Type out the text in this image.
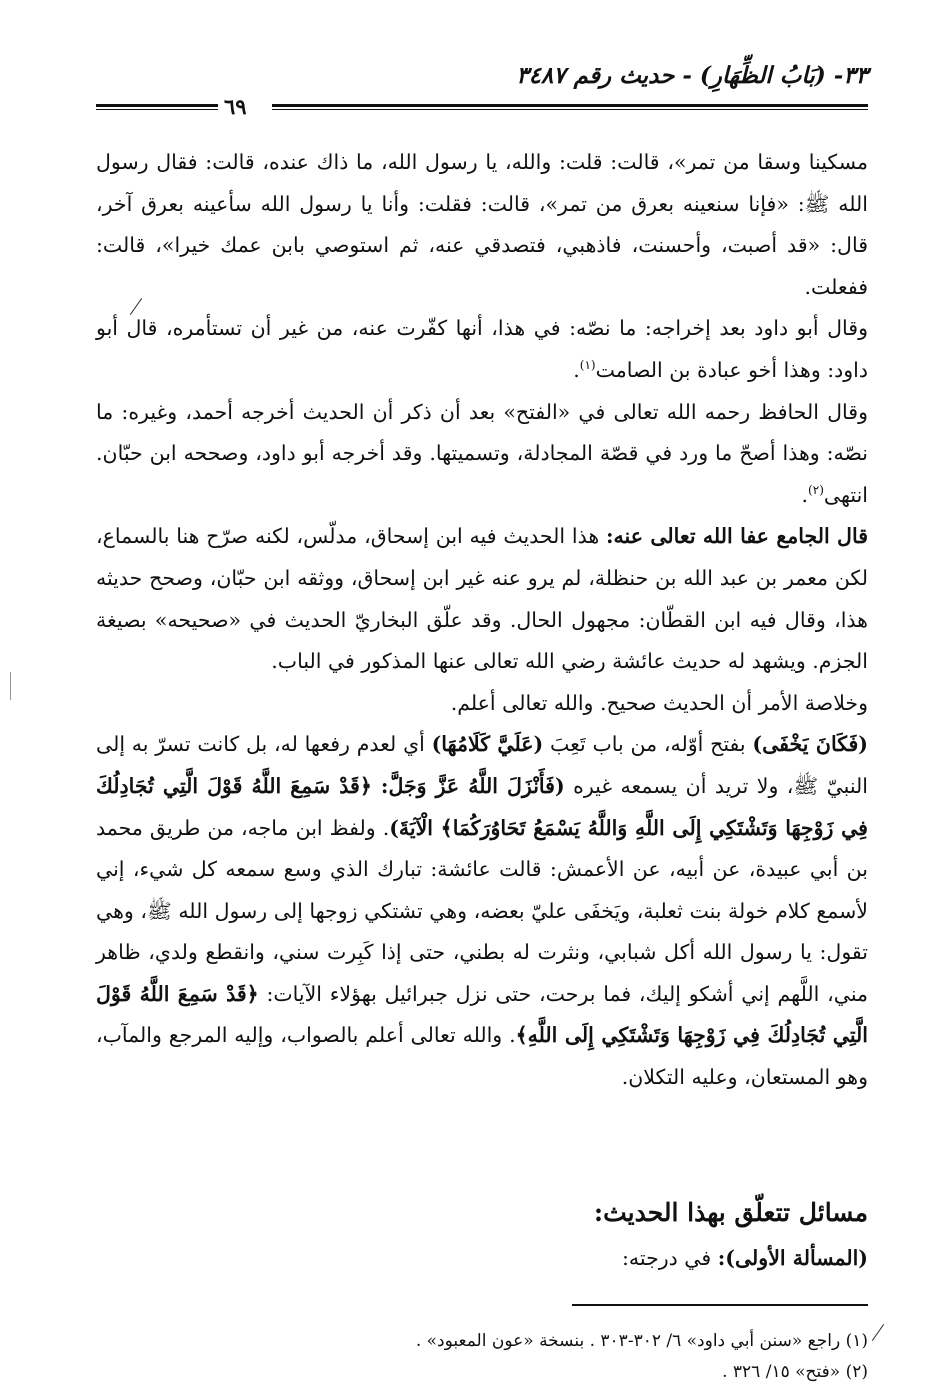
٣٣- (بَابُ الظِّهَارِ) - حديث رقم ٣٤٨٧
٦٩

مسكينا وسقا من تمر»، قالت: قلت: والله، يا رسول الله، ما ذاك عنده، قالت: فقال رسول الله ﷺ: «فإنا سنعينه بعرق من تمر»، قالت: فقلت: وأنا يا رسول الله سأعينه بعرق آخر، قال: «قد أصبت، وأحسنت، فاذهبي، فتصدقي عنه، ثم استوصي بابن عمك خيرا»، قالت: ففعلت.

وقال أبو داود بعد إخراجه: ما نصّه: في هذا، أنها كفّرت عنه، من غير أن تستأمره، قال أبو داود: وهذا أخو عبادة بن الصامت$^{(١)}$.

وقال الحافظ رحمه الله تعالى في «الفتح» بعد أن ذكر أن الحديث أخرجه أحمد، وغيره: ما نصّه: وهذا أصحّ ما ورد في قصّة المجادلة، وتسميتها. وقد أخرجه أبو داود، وصححه ابن حبّان. انتهى$^{(٢)}$.

قال الجامع عفا الله تعالى عنه: هذا الحديث فيه ابن إسحاق، مدلّس، لكنه صرّح هنا بالسماع، لكن معمر بن عبد الله بن حنظلة، لم يرو عنه غير ابن إسحاق، ووثقه ابن حبّان، وصحح حديثه هذا، وقال فيه ابن القطّان: مجهول الحال. وقد علّق البخاريّ الحديث في «صحيحه» بصيغة الجزم. ويشهد له حديث عائشة رضي الله تعالى عنها المذكور في الباب.

وخلاصة الأمر أن الحديث صحيح. والله تعالى أعلم.

(فَكَانَ يَخْفَى) بفتح أوّله، من باب تَعِبَ (عَلَيَّ كَلَامُهَا) أي لعدم رفعها له، بل كانت تسرّ به إلى النبيّ ﷺ، ولا تريد أن يسمعه غيره (فَأَنْزَلَ اللَّهُ عَزَّ وَجَلَّ: ﴿قَدْ سَمِعَ اللَّهُ قَوْلَ الَّتِي تُجَادِلُكَ فِي زَوْجِهَا وَتَشْتَكِي إِلَى اللَّهِ وَاللَّهُ يَسْمَعُ تَحَاوُرَكُمَا﴾ الْآيَةَ). ولفظ ابن ماجه، من طريق محمد بن أبي عبيدة، عن أبيه، عن الأعمش: قالت عائشة: تبارك الذي وسع سمعه كل شيء، إني لأسمع كلام خولة بنت ثعلبة، ويَخفَى عليّ بعضه، وهي تشتكي زوجها إلى رسول الله ﷺ، وهي تقول: يا رسول الله أكل شبابي، ونثرت له بطني، حتى إذا كَبِرت سني، وانقطع ولدي، ظاهر مني، اللَّهم إني أشكو إليك، فما برحت، حتى نزل جبرائيل بهؤلاء الآيات: ﴿قَدْ سَمِعَ اللَّهُ قَوْلَ الَّتِي تُجَادِلُكَ فِي زَوْجِهَا وَتَشْتَكِي إِلَى اللَّهِ﴾. والله تعالى أعلم بالصواب، وإليه المرجع والمآب، وهو المستعان، وعليه التكلان.

مسائل تتعلّق بهذا الحديث:
(المسألة الأولى): في درجته:

(١) راجع «سنن أبي داود» ٦/ ٣٠٢-٣٠٣ . بنسخة «عون المعبود» .

(٢) «فتح» ١٥/ ٣٢٦ .
